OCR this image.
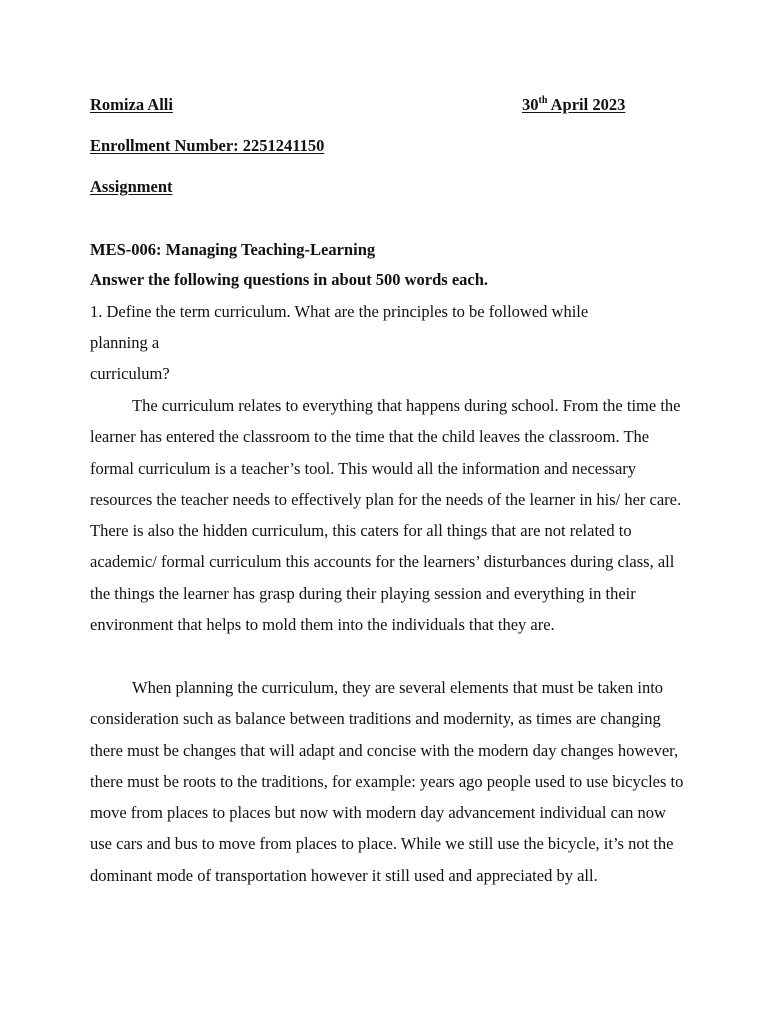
Romiza Alli	30th April 2023
Enrollment Number: 2251241150
Assignment
MES-006: Managing Teaching-Learning
Answer the following questions in about 500 words each.
1. Define the term curriculum. What are the principles to be followed while
planning a
curriculum?

The curriculum relates to everything that happens during school. From the time the learner has entered the classroom to the time that the child leaves the classroom. The formal curriculum is a teacher’s tool. This would all the information and necessary resources the teacher needs to effectively plan for the needs of the learner in his/ her care. There is also the hidden curriculum, this caters for all things that are not related to academic/ formal curriculum this accounts for the learners’ disturbances during class, all the things the learner has grasp during their playing session and everything in their environment that helps to mold them into the individuals that they are.

When planning the curriculum, they are several elements that must be taken into consideration such as balance between traditions and modernity, as times are changing there must be changes that will adapt and concise with the modern day changes however, there must be roots to the traditions, for example: years ago people used to use bicycles to move from places to places but now with modern day advancement individual can now use cars and bus to move from places to place. While we still use the bicycle, it’s not the dominant mode of transportation however it still used and appreciated by all.
